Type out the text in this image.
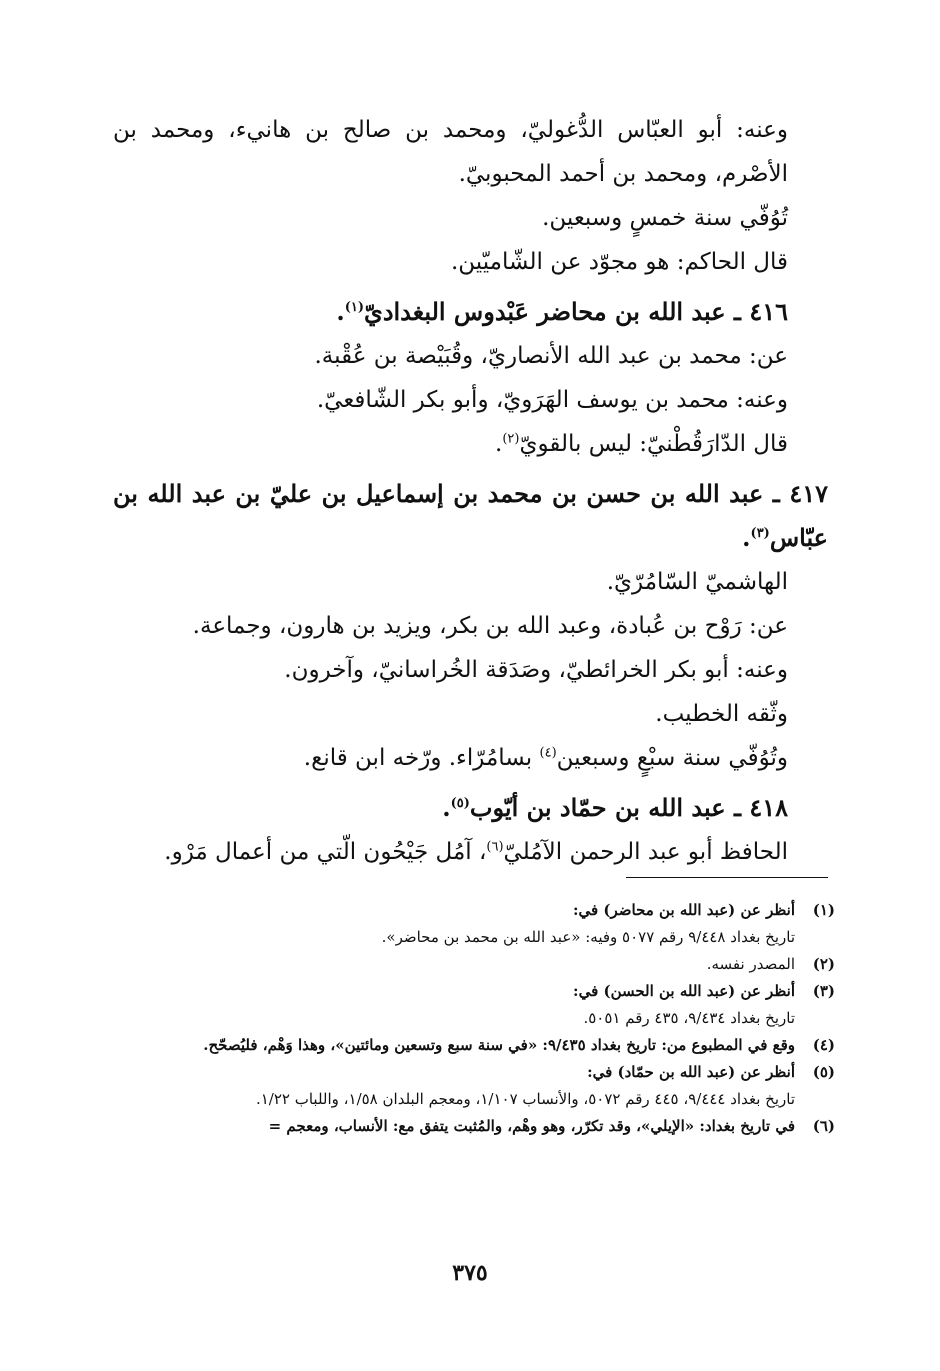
وعنه: أبو العبّاس الدُّغوليّ، ومحمد بن صالح بن هانيء، ومحمد بن الأصْرم، ومحمد بن أحمد المحبوبيّ.

تُوُفّي سنة خمسٍ وسبعين.

قال الحاكم: هو مجوّد عن الشّاميّين.

٤١٦ ـ عبد الله بن محاضر عَبْدوس البغداديّ$^{(١)}$.

عن: محمد بن عبد الله الأنصاريّ، وقُبَيْصة بن عُقْبة.

وعنه: محمد بن يوسف الهَرَويّ، وأبو بكر الشّافعيّ.

قال الدّارَقُطْنيّ: ليس بالقويّ$^{(٢)}$.

٤١٧ ـ عبد الله بن حسن بن محمد بن إسماعيل بن عليّ بن عبد الله بن عبّاس$^{(٣)}$.

الهاشميّ السّامُرّيّ.

عن: رَوْح بن عُبادة، وعبد الله بن بكر، ويزيد بن هارون، وجماعة.

وعنه: أبو بكر الخرائطيّ، وصَدَقة الخُراسانيّ، وآخرون.

وثّقه الخطيب.

وتُوُفّي سنة سبْعٍ وسبعين$^{(٤)}$ بسامُرّاء. ورّخه ابن قانع.

٤١٨ ـ عبد الله بن حمّاد بن أيّوب$^{(٥)}$.

الحافظ أبو عبد الرحمن الآمُليّ$^{(٦)}$، آمُل جَيْحُون الّتي من أعمال مَرْو.

(١)
أنظر عن (عبد الله بن محاضر) في:
تاريخ بغداد ٩/٤٤٨ رقم ٥٠٧٧ وفيه: «عبد الله بن محمد بن محاضر».
(٢)
المصدر نفسه.
(٣)
أنظر عن (عبد الله بن الحسن) في:
تاريخ بغداد ٩/٤٣٤، ٤٣٥ رقم ٥٠٥١.
(٤)
وقع في المطبوع من: تاريخ بغداد ٩/٤٣٥: «في سنة سبع وتسعين ومائتين»، وهذا وَهْم، فليُصحّح.
(٥)
أنظر عن (عبد الله بن حمّاد) في:
تاريخ بغداد ٩/٤٤٤، ٤٤٥ رقم ٥٠٧٢، والأنساب ١/١٠٧، ومعجم البلدان ١/٥٨، واللباب ١/٢٢.
(٦)
في تاريخ بغداد: «الإيلي»، وقد تكرّر، وهو وهْم، والمُثبت يتفق مع: الأنساب، ومعجم =
٣٧٥
